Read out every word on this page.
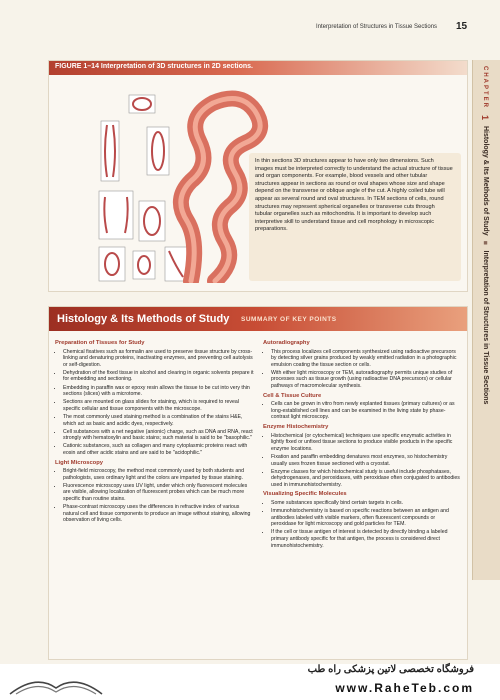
Interpretation of Structures in Tissue Sections 15
CHAPTER 1 Histology & Its Methods of Study ■ Interpretation of Structures in Tissue Sections
FIGURE 1–14 Interpretation of 3D structures in 2D sections.
In thin sections 3D structures appear to have only two dimensions. Such images must be interpreted correctly to understand the actual structure of tissue and organ components. For example, blood vessels and other tubular structures appear in sections as round or oval shapes whose size and shape depend on the transverse or oblique angle of the cut. A highly coiled tube will appear as several round and oval structures. In TEM sections of cells, round structures may represent spherical organelles or transverse cuts through tubular organelles such as mitochondria. It is important to develop such interpretive skill to understand tissue and cell morphology in microscopic preparations.
Histology & Its Methods of Study SUMMARY OF KEY POINTS
Preparation of Tissues for Study
• Chemical fixatives such as formalin are used to preserve tissue structure by cross-linking and denaturing proteins, inactivating enzymes, and preventing cell autolysis or self-digestion.
• Dehydration of the fixed tissue in alcohol and clearing in organic solvents prepare it for embedding and sectioning.
• Embedding in paraffin wax or epoxy resin allows the tissue to be cut into very thin sections (slices) with a microtome.
• Sections are mounted on glass slides for staining, which is required to reveal specific cellular and tissue components with the microscope.
• The most commonly used staining method is a combination of the stains H&E, which act as basic and acidic dyes, respectively.
• Cell substances with a net negative (anionic) charge, such as DNA and RNA, react strongly with hematoxylin and basic stains; such material is said to be "basophilic."
• Cationic substances, such as collagen and many cytoplasmic proteins react with eosin and other acidic stains and are said to be "acidophilic."
Light Microscopy
• Bright-field microscopy, the method most commonly used by both students and pathologists, uses ordinary light and the colors are imparted by tissue staining.
• Fluorescence microscopy uses UV light, under which only fluorescent molecules are visible, allowing localization of fluorescent probes which can be much more specific than routine stains.
• Phase-contrast microscopy uses the differences in refractive index of various natural cell and tissue components to produce an image without staining, allowing observation of living cells.
Autoradiography
• This process localizes cell components synthesized using radioactive precursors by detecting silver grains produced by weakly emitted radiation in a photographic emulsion coating the tissue section or cells.
• With either light microscopy or TEM, autoradiography permits unique studies of processes such as tissue growth (using radioactive DNA precursors) or cellular pathways of macromolecular synthesis.
Cell & Tissue Culture
• Cells can be grown in vitro from newly explanted tissues (primary cultures) or as long-established cell lines and can be examined in the living state by phase-contrast light microscopy.
Enzyme Histochemistry
• Histochemical (or cytochemical) techniques use specific enzymatic activities in lightly fixed or unfixed tissue sections to produce visible products in the specific enzyme locations.
• Fixation and paraffin embedding denatures most enzymes, so histochemistry usually uses frozen tissue sectioned with a cryostat.
• Enzyme classes for which histochemical study is useful include phosphatases, dehydrogenases, and peroxidases, with peroxidase often conjugated to antibodies used in immunohistochemistry.
Visualizing Specific Molecules
• Some substances specifically bind certain targets in cells.
• Immunohistochemistry is based on specific reactions between an antigen and antibodies labeled with visible markers, often fluorescent compounds or peroxidase for light microscopy and gold particles for TEM.
• If the cell or tissue antigen of interest is detected by directly binding a labeled primary antibody specific for that antigen, the process is considered direct immunohistochemistry.
فروشگاه تخصصی لاتین پزشکی راه طب
www.RaheTeb.com
